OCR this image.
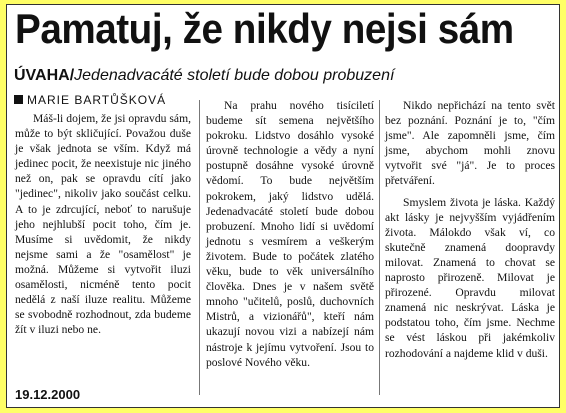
Pamatuj, že nikdy nejsi sám
ÚVAHA/Jedenadvacáté století bude dobou probuzení
MARIE BARTŮŠKOVÁ

Máš-li dojem, že jsi opravdu sám, může to být skličující. Považou duše je však jednota se vším. Když má jedinec pocit, že neexistuje nic jiného než on, pak se opravdu cítí jako "jedinec", nikoliv jako součást celku. A to je zdrcující, neboť to narušuje jeho nejhlubší pocit toho, čím je. Musíme si uvědomit, že nikdy nejsme sami a že "osamělost" je možná. Můžeme si vytvořit iluzi osamělosti, nicméně tento pocit nedělá z naší iluze realitu. Můžeme se svobodně rozhodnout, zda budeme žít v iluzi nebo ne.

Na prahu nového tisíciletí budeme sít semena největšího pokroku. Lidstvo dosáhlo vysoké úrovně technologie a vědy a nyní postupně dosáhne vysoké úrovně vědomí. To bude největším pokrokem, jaký lidstvo udělá. Jedenadvacáté století bude dobou probuzení. Mnoho lidí si uvědomí jednotu s vesmírem a veškerým životem. Bude to počátek zlatého věku, bude to věk universálního člověka. Dnes je v našem světě mnoho "učitelů, poslů, duchovních Mistrů, a vizionářů", kteří nám ukazují novou vizi a nabízejí nám nástroje k jejímu vytvoření. Jsou to poslové Nového věku.

Nikdo nepřichází na tento svět bez poznání. Poznání je to, "čím jsme". Ale zapomněli jsme, čím jsme, abychom mohli znovu vytvořit své "já". Je to proces přetváření.

Smyslem života je láska. Každý akt lásky je nejvyšším vyjádřením života. Málokdo však ví, co skutečně znamená doopravdy milovat. Znamená to chovat se naprosto přirozeně. Milovat je přirozené. Opravdu milovat znamená nic neskrývat. Láska je podstatou toho, čím jsme. Nechme se vést láskou při jakémkoliv rozhodování a najdeme klid v duši.

19.12.2000
